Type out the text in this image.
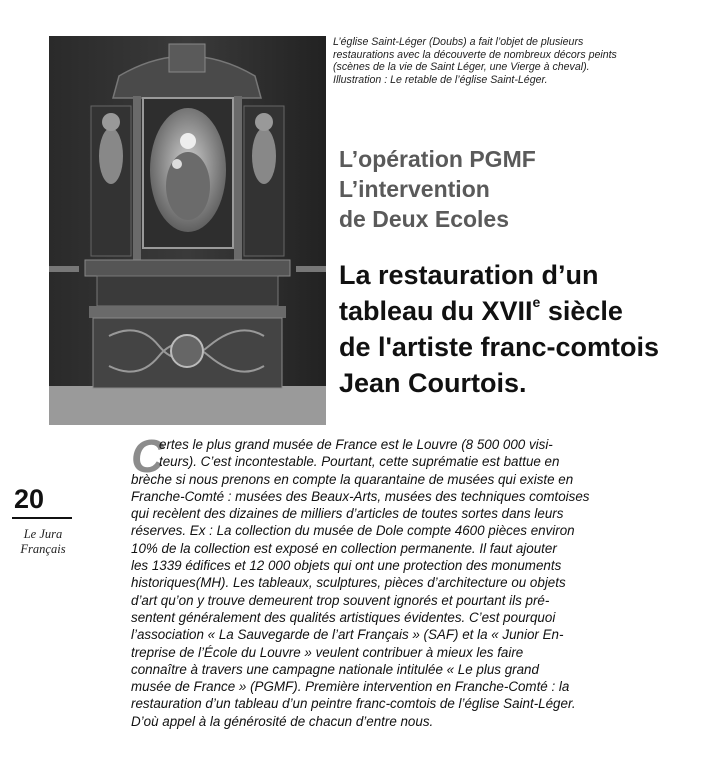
L’église Saint-Léger (Doubs) a fait l’objet de plusieurs
restaurations avec la découverte de nombreux décors peints
(scènes de la vie de Saint Léger, une Vierge à cheval).
Illustration : Le retable de l’église Saint-Léger.
L’opération PGMF
L’intervention
de Deux Ecoles
La restauration d’un
tableau du XVIIe siècle
de l'artiste franc-comtois
Jean Courtois.
20
Le Jura
Français
C
ertes le plus grand musée de France est le Louvre (8 500 000 visi-
teurs). C’est incontestable. Pourtant, cette suprématie est battue en
brèche si nous prenons en compte la quarantaine de musées qui existe en
Franche-Comté : musées des Beaux-Arts, musées des techniques comtoises
qui recèlent des dizaines de milliers d’articles de toutes sortes dans leurs
réserves. Ex : La collection du musée de Dole compte 4600 pièces environ
10% de la collection est exposé en collection permanente. Il faut ajouter
les 1339 édifices et 12 000 objets qui ont une protection des monuments
historiques(MH). Les tableaux, sculptures, pièces d’architecture ou objets
d’art qu’on y trouve demeurent trop souvent ignorés et pourtant ils pré-
sentent généralement des qualités artistiques évidentes. C’est pourquoi
l’association « La Sauvegarde de l’art Français » (SAF) et la « Junior En-
treprise de l’École du Louvre » veulent contribuer à mieux les faire
connaître à travers une campagne nationale intitulée « Le plus grand
musée de France » (PGMF). Première intervention en Franche-Comté : la
restauration d’un tableau d’un peintre franc-comtois de l’église Saint-Léger.
D’où appel à la générosité de chacun d’entre nous.
